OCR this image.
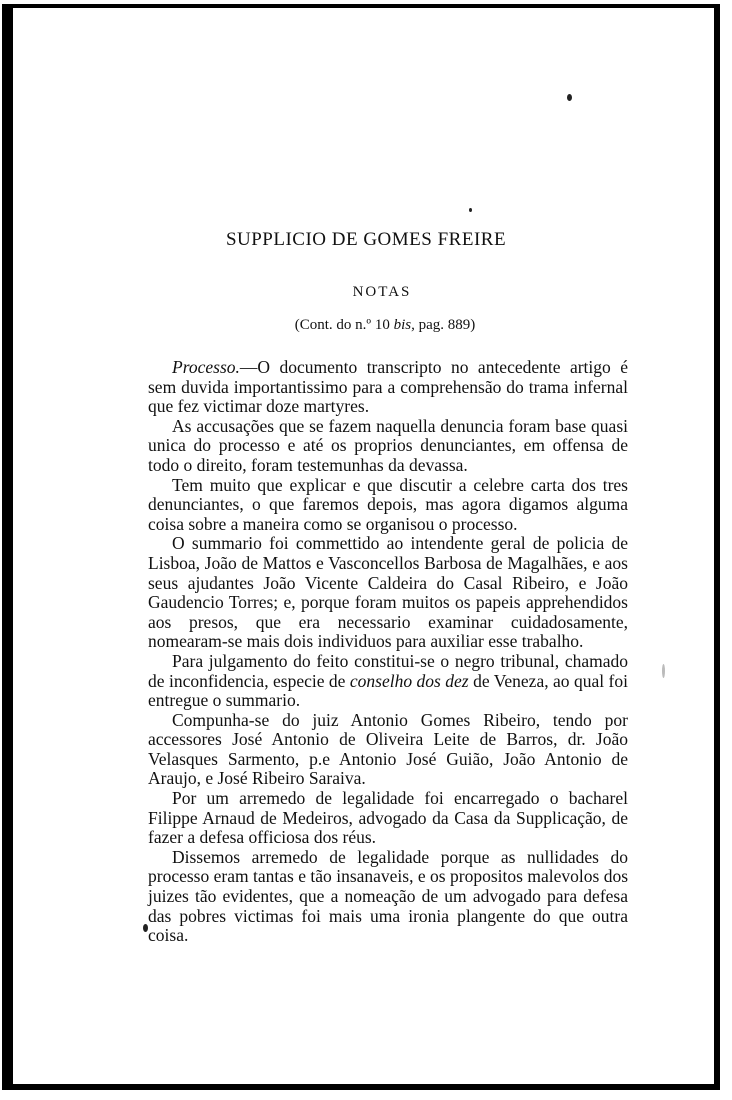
SUPPLICIO DE GOMES FREIRE
NOTAS
(Cont. do n.º 10 bis, pag. 889)

Processo.—O documento transcripto no antecedente artigo é sem duvida importantissimo para a comprehensão do trama infernal que fez victimar doze martyres.

As accusações que se fazem naquella denuncia foram base quasi unica do processo e até os proprios denunciantes, em offensa de todo o direito, foram testemunhas da devassa.

Tem muito que explicar e que discutir a celebre carta dos tres denunciantes, o que faremos depois, mas agora digamos alguma coisa sobre a maneira como se organisou o processo.

O summario foi commettido ao intendente geral de policia de Lisboa, João de Mattos e Vasconcellos Barbosa de Magalhães, e aos seus ajudantes João Vicente Caldeira do Casal Ribeiro, e João Gaudencio Torres; e, porque foram muitos os papeis apprehendidos aos presos, que era necessario examinar cuidadosamente, nomearam-se mais dois individuos para auxiliar esse trabalho.

Para julgamento do feito constitui-se o negro tribunal, chamado de inconfidencia, especie de conselho dos dez de Veneza, ao qual foi entregue o summario.

Compunha-se do juiz Antonio Gomes Ribeiro, tendo por accessores José Antonio de Oliveira Leite de Barros, dr. João Velasques Sarmento, p.e Antonio José Guião, João Antonio de Araujo, e José Ribeiro Saraiva.

Por um arremedo de legalidade foi encarregado o bacharel Filippe Arnaud de Medeiros, advogado da Casa da Supplicação, de fazer a defesa officiosa dos réus.

Dissemos arremedo de legalidade porque as nullidades do processo eram tantas e tão insanaveis, e os propositos malevolos dos juizes tão evidentes, que a nomeação de um advogado para defesa das pobres victimas foi mais uma ironia plangente do que outra coisa.
